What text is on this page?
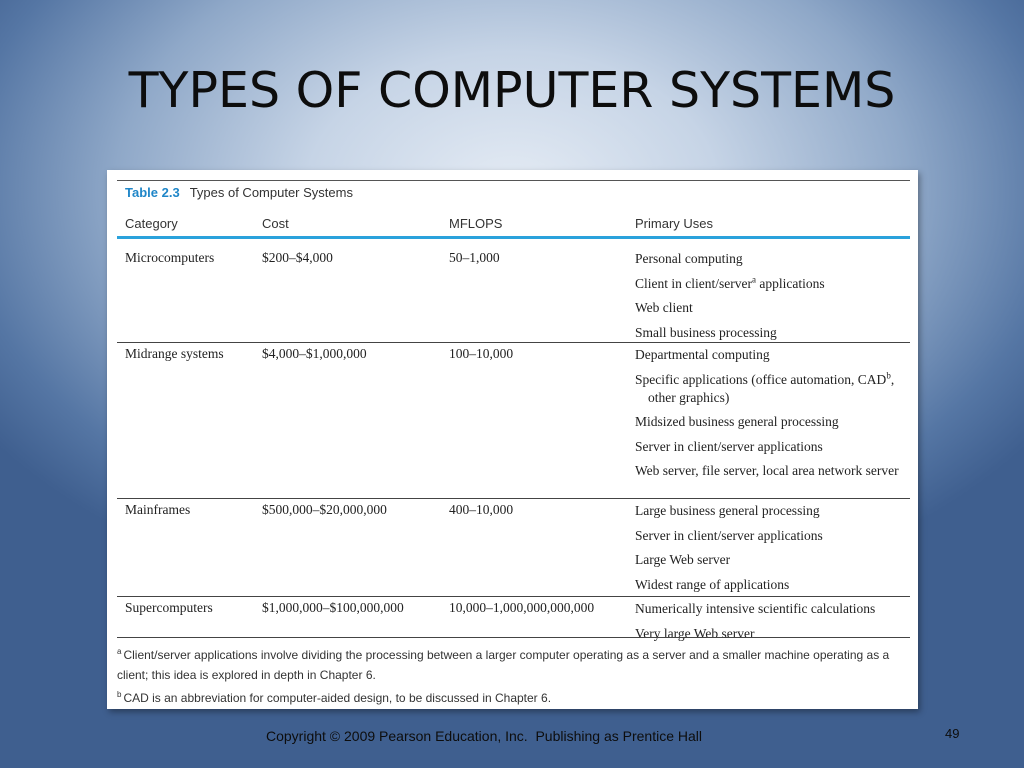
TYPES OF COMPUTER SYSTEMS
Table 2.3 Types of Computer Systems
Category	Cost	MFLOPS	Primary Uses
Microcomputers	$200–$4,000	50–1,000	Personal computing
Client in client/server$^a$ applications
Web client
Small business processing
Midrange systems	$4,000–$1,000,000	100–10,000	Departmental computing
Specific applications (office automation, CAD$^b$, other graphics)
Midsized business general processing
Server in client/server applications
Web server, file server, local area network server
Mainframes	$500,000–$20,000,000	400–10,000	Large business general processing
Server in client/server applications
Large Web server
Widest range of applications
Supercomputers	$1,000,000–$100,000,000	10,000–1,000,000,000,000	Numerically intensive scientific calculations
Very large Web server
$^a$ Client/server applications involve dividing the processing between a larger computer operating as a server and a smaller machine operating as a client; this idea is explored in depth in Chapter 6.
$^b$ CAD is an abbreviation for computer-aided design, to be discussed in Chapter 6.
Copyright © 2009 Pearson Education, Inc.  Publishing as Prentice Hall	49
